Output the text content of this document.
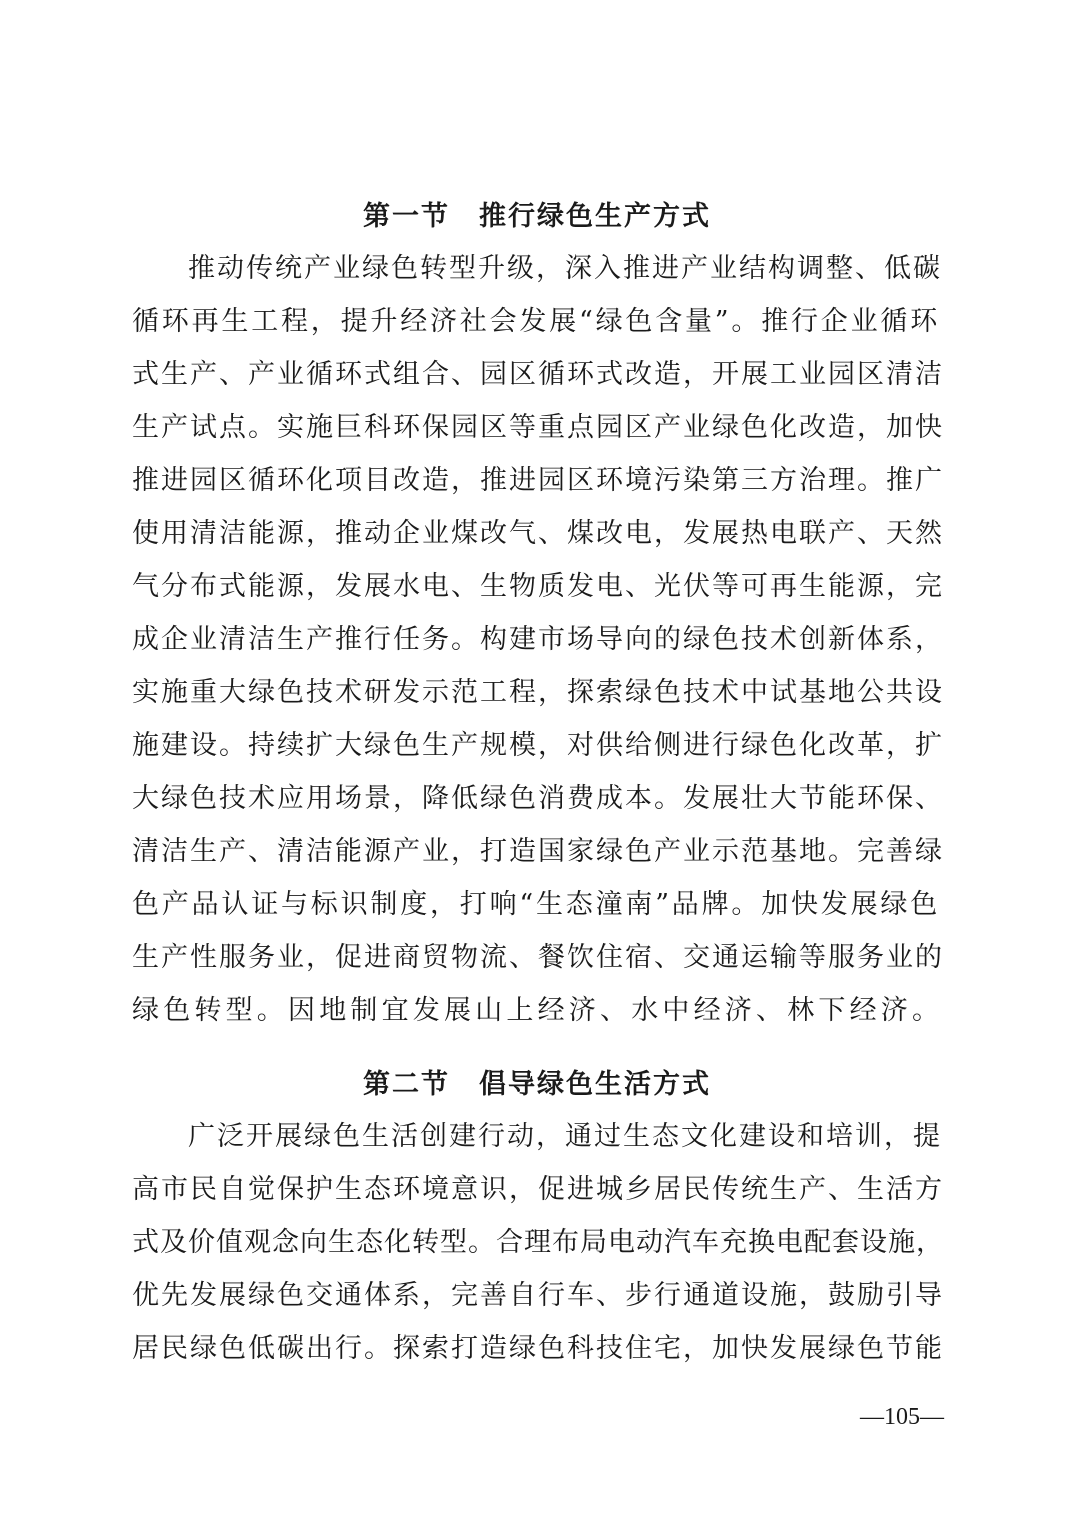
第一节　推行绿色生产方式
推动传统产业绿色转型升级，深入推进产业结构调整、低碳
循环再生工程，提升经济社会发展“绿色含量”。推行企业循环
式生产、产业循环式组合、园区循环式改造，开展工业园区清洁
生产试点。实施巨科环保园区等重点园区产业绿色化改造，加快
推进园区循环化项目改造，推进园区环境污染第三方治理。推广
使用清洁能源，推动企业煤改气、煤改电，发展热电联产、天然
气分布式能源，发展水电、生物质发电、光伏等可再生能源，完
成企业清洁生产推行任务。构建市场导向的绿色技术创新体系，
实施重大绿色技术研发示范工程，探索绿色技术中试基地公共设
施建设。持续扩大绿色生产规模，对供给侧进行绿色化改革，扩
大绿色技术应用场景，降低绿色消费成本。发展壮大节能环保、
清洁生产、清洁能源产业，打造国家绿色产业示范基地。完善绿
色产品认证与标识制度，打响“生态潼南”品牌。加快发展绿色
生产性服务业，促进商贸物流、餐饮住宿、交通运输等服务业的
绿色转型。因地制宜发展山上经济、水中经济、林下经济。
第二节　倡导绿色生活方式
广泛开展绿色生活创建行动，通过生态文化建设和培训，提
高市民自觉保护生态环境意识，促进城乡居民传统生产、生活方
式及价值观念向生态化转型。合理布局电动汽车充换电配套设施，
优先发展绿色交通体系，完善自行车、步行通道设施，鼓励引导
居民绿色低碳出行。探索打造绿色科技住宅，加快发展绿色节能

—105—
